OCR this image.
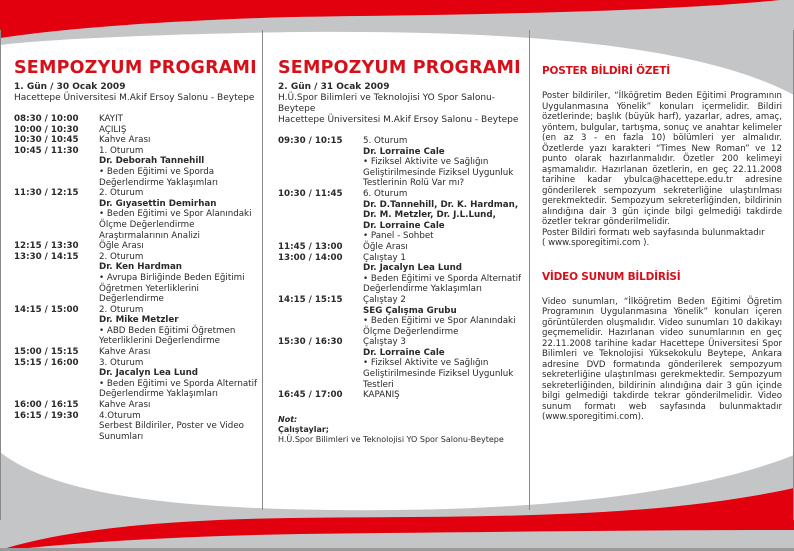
SEMPOZYUM PROGRAMI
1. Gün / 30 Ocak 2009
Hacettepe Üniversitesi M.Akif Ersoy Salonu - Beytepe
08:30 / 10:00	KAYIT
10:00 / 10:30	AÇILIŞ
10:30 / 10:45	Kahve Arası
10:45 / 11:30	1. Oturum
Dr. Deborah Tannehill
• Beden Eğitimi ve Sporda Değerlendirme Yaklaşımları
11:30 / 12:15	2. Oturum
Dr. Gıyasettin Demirhan
• Beden Eğitimi ve Spor Alanındaki Ölçme Değerlendirme Araştırmalarının Analizi
12:15 / 13:30	Öğle Arası
13:30 / 14:15	2. Oturum
Dr. Ken Hardman
• Avrupa Birliğinde Beden Eğitimi Öğretmen Yeterliklerini Değerlendirme
14:15 / 15:00	2. Oturum
Dr. Mike Metzler
• ABD Beden Eğitimi Öğretmen Yeterliklerini Değerlendirme
15:00 / 15:15	Kahve Arası
15:15 / 16:00	3. Oturum
Dr. Jacalyn Lea Lund
• Beden Eğitimi ve Sporda Alternatif Değerlendirme Yaklaşımları
16:00 / 16:15	Kahve Arası
16:15 / 19:30	4.Oturum
Serbest Bildiriler, Poster ve Video Sunumları
SEMPOZYUM PROGRAMI
2. Gün / 31 Ocak 2009
H.Ü.Spor Bilimleri ve Teknolojisi YO Spor Salonu-Beytepe
Hacettepe Üniversitesi M.Akif Ersoy Salonu - Beytepe
09:30 / 10:15	5. Oturum
Dr. Lorraine Cale
• Fiziksel Aktivite ve Sağlığın Geliştirilmesinde Fiziksel Uygunluk Testlerinin Rolü Var mı?
10:30 / 11:45	6. Oturum
Dr. D.Tannehill, Dr. K. Hardman,
Dr. M. Metzler, Dr. J.L.Lund,
Dr. Lorraine Cale
• Panel - Sohbet
11:45 / 13:00	Öğle Arası
13:00 / 14:00	Çalıştay 1
Dr. Jacalyn Lea Lund
• Beden Eğitimi ve Sporda Alternatif Değerlendirme Yaklaşımları
14:15 / 15:15	Çalıştay 2
SEG Çalışma Grubu
• Beden Eğitimi ve Spor Alanındaki Ölçme Değerlendirme
15:30 / 16:30	Çalıştay 3
Dr. Lorraine Cale
• Fiziksel Aktivite ve Sağlığın Geliştirilmesinde Fiziksel Uygunluk Testleri
16:45 / 17:00	KAPANIŞ
Not:
Çalıştaylar;
H.Ü.Spor Bilimleri ve Teknolojisi YO Spor Salonu-Beytepe
POSTER BİLDİRİ ÖZETİ
Poster bildiriler, “İlköğretim Beden Eğitimi Programının Uygulanmasına Yönelik” konuları içermelidir. Bildiri özetlerinde; başlık (büyük harf), yazarlar, adres, amaç, yöntem, bulgular, tartışma, sonuç ve anahtar kelimeler (en az 3 - en fazla 10) bölümleri yer almalıdır. Özetlerde yazı karakteri “Times New Roman” ve 12 punto olarak hazırlanmalıdır. Özetler 200 kelimeyi aşmamalıdır. Hazırlanan özetlerin, en geç 22.11.2008 tarihine kadar ybulca@hacettepe.edu.tr adresine gönderilerek sempozyum sekreterliğine ulaştırılması gerekmektedir. Sempozyum sekreterliğinden, bildirinin alındığına dair 3 gün içinde bilgi gelmediği takdirde özetler tekrar gönderilmelidir.
Poster Bildiri formatı web sayfasında bulunmaktadır
( www.sporegitimi.com ).
VİDEO SUNUM BİLDİRİSİ
Video sunumları, “İlköğretim Beden Eğitimi Öğretim Programının Uygulanmasına Yönelik” konuları içeren görüntülerden oluşmalıdır. Video sunumları 10 dakikayı geçmemelidir. Hazırlanan video sunumlarının en geç 22.11.2008 tarihine kadar Hacettepe Üniversitesi Spor Bilimleri ve Teknolojisi Yüksekokulu Beytepe, Ankara adresine DVD formatında gönderilerek sempozyum sekreterliğine ulaştırılması gerekmektedir. Sempozyum sekreterliğinden, bildirinin alındığına dair 3 gün içinde bilgi gelmediği takdirde tekrar gönderilmelidir. Video sunum formatı web sayfasında bulunmaktadır (www.sporegitimi.com).
